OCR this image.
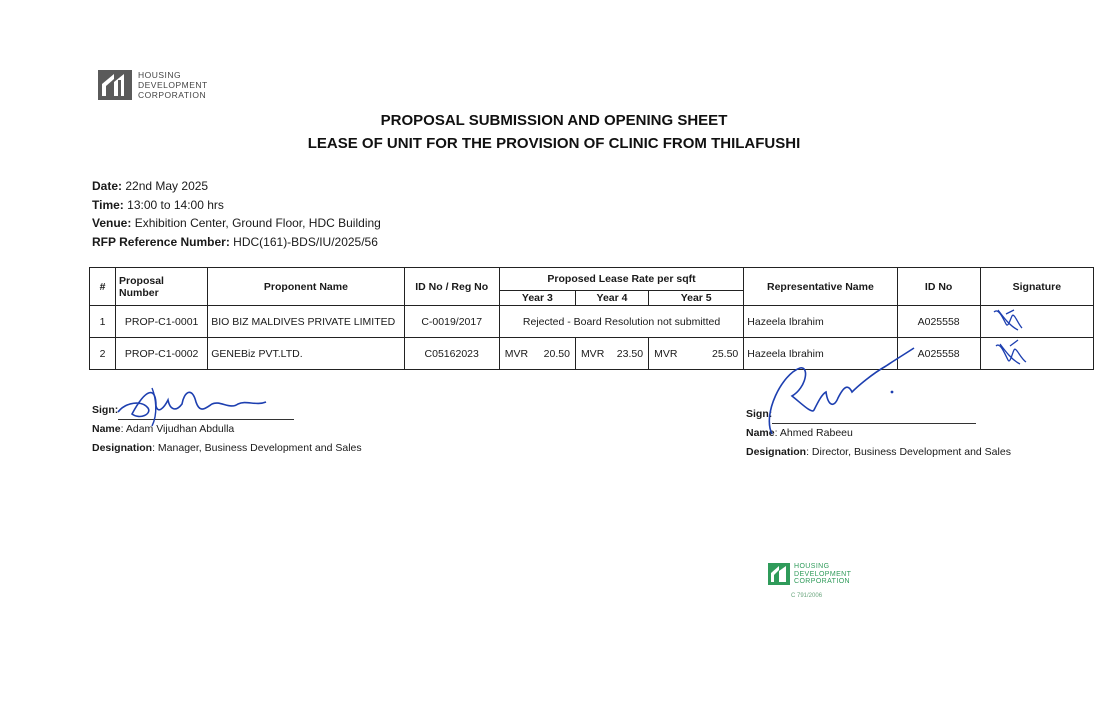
HOUSING
DEVELOPMENT
CORPORATION
PROPOSAL SUBMISSION AND OPENING SHEET
LEASE OF UNIT FOR THE PROVISION OF CLINIC FROM THILAFUSHI
Date: 22nd May 2025
Time: 13:00 to 14:00 hrs
Venue: Exhibition Center, Ground Floor, HDC Building
RFP Reference Number: HDC(161)-BDS/IU/2025/56
#	Proposal Number	Proponent Name	ID No / Reg No	Proposed Lease Rate per sqft			Representative Name	ID No	Signature
				Year 3	Year 4	Year 5			
1	PROP-C1-0001	BIO BIZ MALDIVES PRIVATE LIMITED	C-0019/2017	Rejected - Board Resolution not submitted			Hazeela Ibrahim	A025558	
2	PROP-C1-0002	GENEBiz PVT.LTD.	C05162023	MVR 20.50	MVR 23.50	MVR 25.50	Hazeela Ibrahim	A025558	
Sign:
Name: Adam Vijudhan Abdulla
Designation: Manager, Business Development and Sales
Sign:
Name: Ahmed Rabeeu
Designation: Director, Business Development and Sales
HOUSING
DEVELOPMENT
CORPORATION
C 791/2006
